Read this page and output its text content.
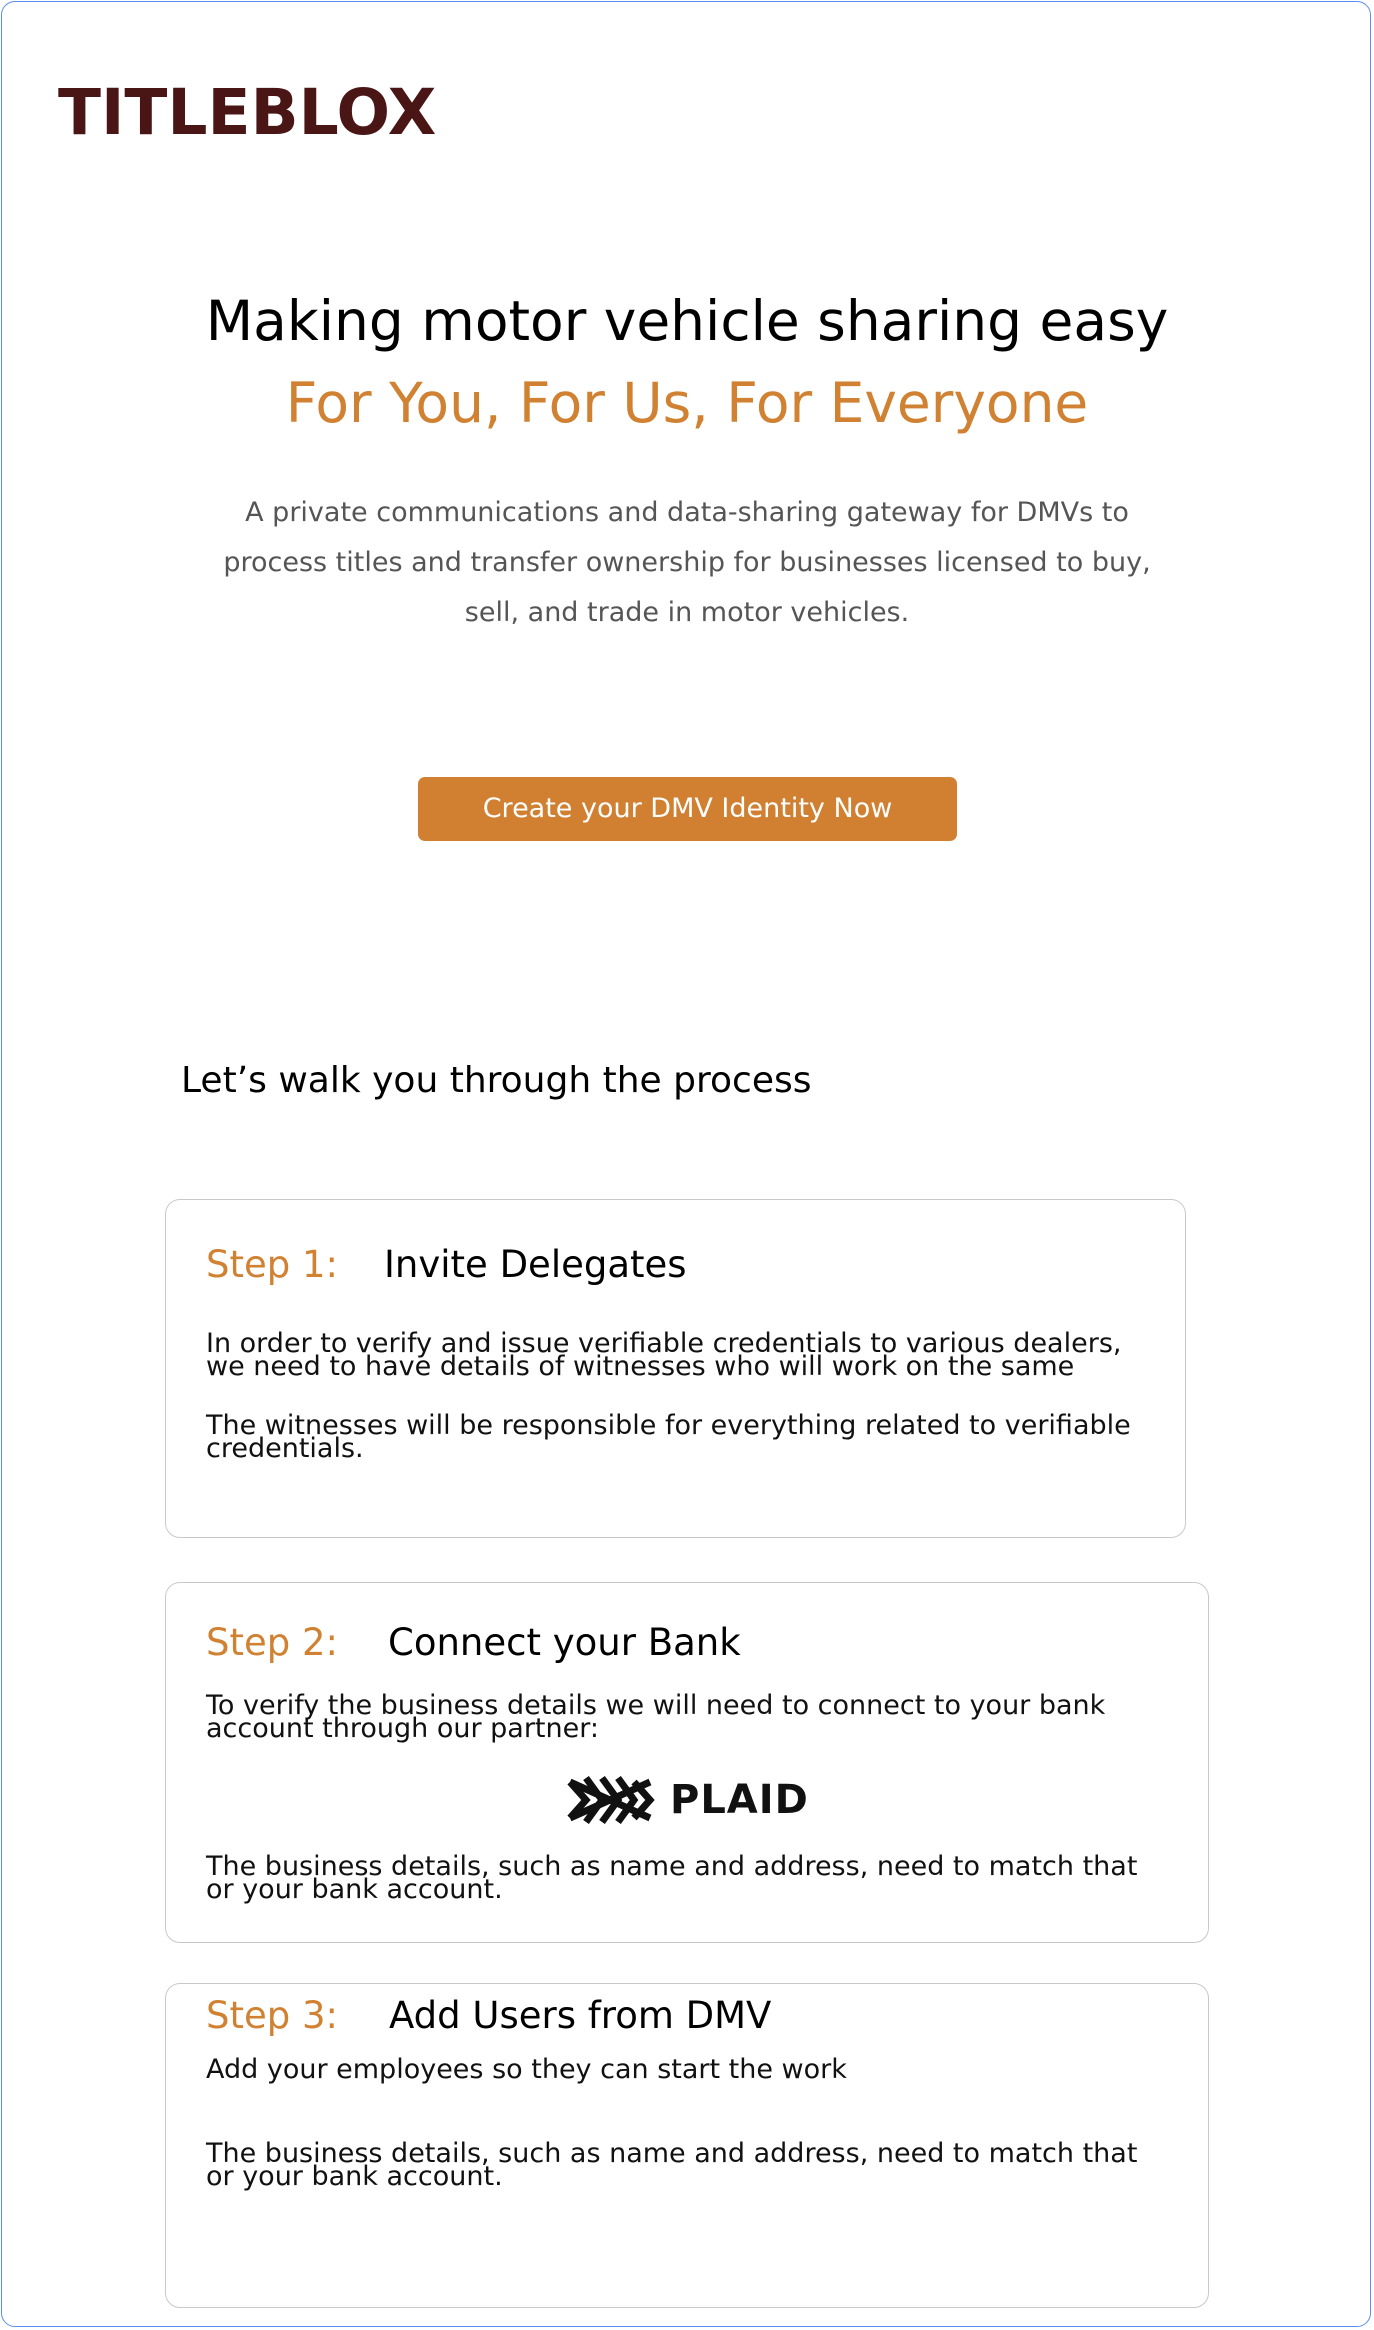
TITLEBLOX
Making motor vehicle sharing easy
For You, For Us, For Everyone
A private communications and data-sharing gateway for DMVs to process titles and transfer ownership for businesses licensed to buy, sell, and trade in motor vehicles.
Create your DMV Identity Now
Let’s walk you through the process
Step 1: Invite Delegates
In order to verify and issue verifiable credentials to various dealers, we need to have details of witnesses who will work on the same
The witnesses will be responsible for everything related to verifiable credentials.
Step 2: Connect your Bank
To verify the business details we will need to connect to your bank account through our partner:
PLAID
The business details, such as name and address, need to match that or your bank account.
Step 3: Add Users from DMV
Add your employees so they can start the work
The business details, such as name and address, need to match that or your bank account.
